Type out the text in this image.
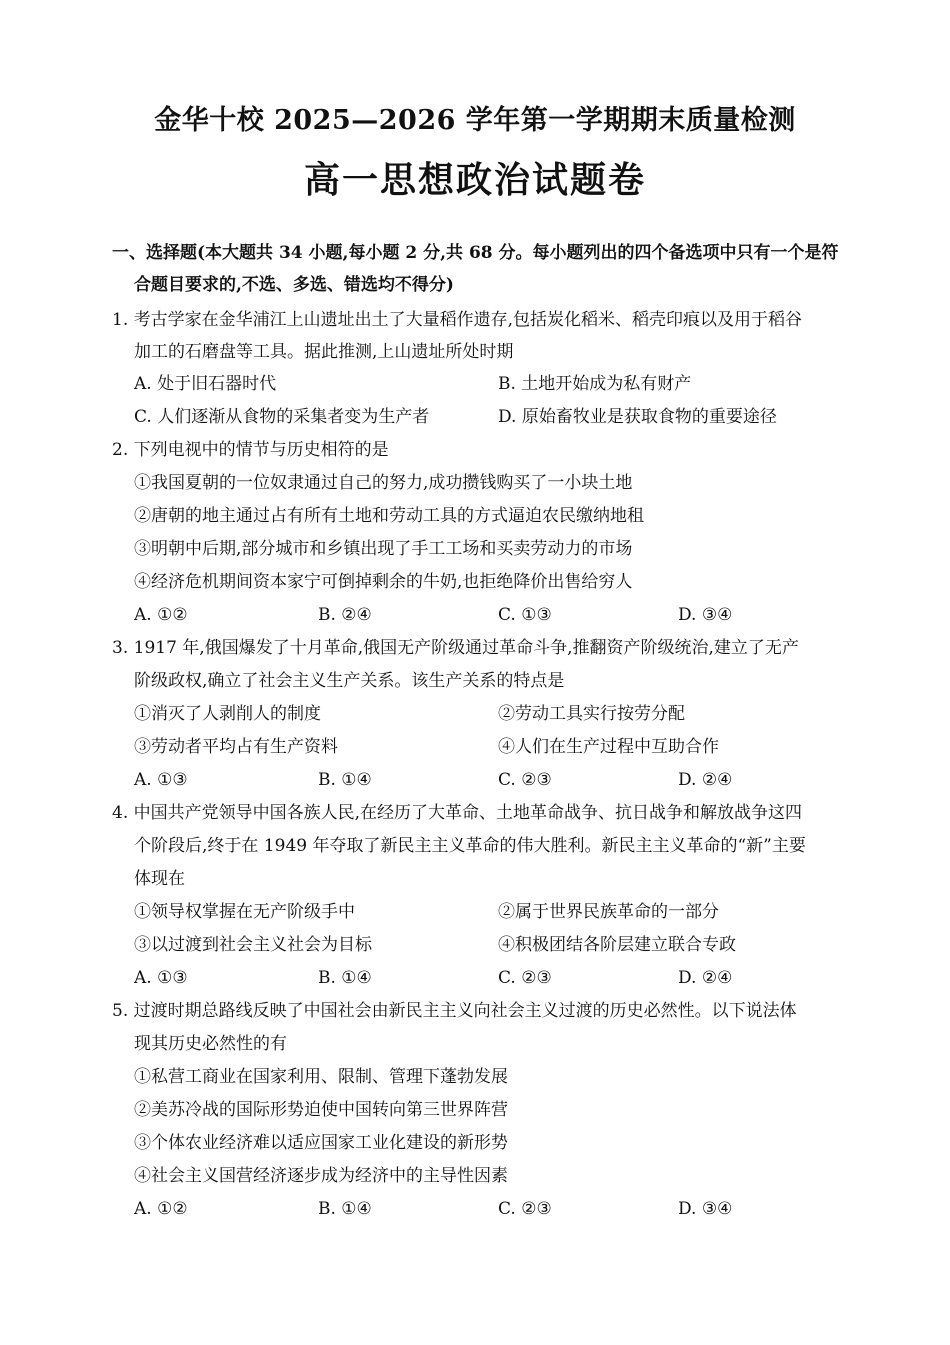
金华十校 2025—2026 学年第一学期期末质量检测
高一思想政治试题卷
一、选择题(本大题共 34 小题,每小题 2 分,共 68 分。每小题列出的四个备选项中只有一个是符
合题目要求的,不选、多选、错选均不得分)
1. 考古学家在金华浦江上山遗址出土了大量稻作遗存,包括炭化稻米、稻壳印痕以及用于稻谷
加工的石磨盘等工具。据此推测,上山遗址所处时期
A. 处于旧石器时代	B. 土地开始成为私有财产
C. 人们逐渐从食物的采集者变为生产者	D. 原始畜牧业是获取食物的重要途径
2. 下列电视中的情节与历史相符的是
①我国夏朝的一位奴隶通过自己的努力,成功攒钱购买了一小块土地
②唐朝的地主通过占有所有土地和劳动工具的方式逼迫农民缴纳地租
③明朝中后期,部分城市和乡镇出现了手工工场和买卖劳动力的市场
④经济危机期间资本家宁可倒掉剩余的牛奶,也拒绝降价出售给穷人
A. ①②	B. ②④	C. ①③	D. ③④
3. 1917 年,俄国爆发了十月革命,俄国无产阶级通过革命斗争,推翻资产阶级统治,建立了无产
阶级政权,确立了社会主义生产关系。该生产关系的特点是
①消灭了人剥削人的制度	②劳动工具实行按劳分配
③劳动者平均占有生产资料	④人们在生产过程中互助合作
A. ①③	B. ①④	C. ②③	D. ②④
4. 中国共产党领导中国各族人民,在经历了大革命、土地革命战争、抗日战争和解放战争这四
个阶段后,终于在 1949 年夺取了新民主主义革命的伟大胜利。新民主主义革命的“新”主要
体现在
①领导权掌握在无产阶级手中	②属于世界民族革命的一部分
③以过渡到社会主义社会为目标	④积极团结各阶层建立联合专政
A. ①③	B. ①④	C. ②③	D. ②④
5. 过渡时期总路线反映了中国社会由新民主主义向社会主义过渡的历史必然性。以下说法体
现其历史必然性的有
①私营工商业在国家利用、限制、管理下蓬勃发展
②美苏冷战的国际形势迫使中国转向第三世界阵营
③个体农业经济难以适应国家工业化建设的新形势
④社会主义国营经济逐步成为经济中的主导性因素
A. ①②	B. ①④	C. ②③	D. ③④
